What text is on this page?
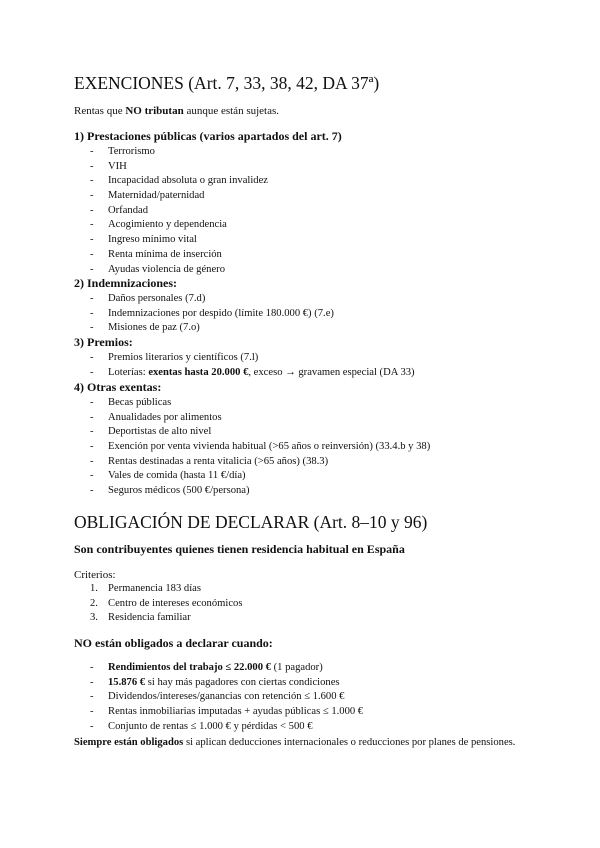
EXENCIONES (Art. 7, 33, 38, 42, DA 37ª)
Rentas que NO tributan aunque están sujetas.
1) Prestaciones públicas (varios apartados del art. 7)
- Terrorismo
- VIH
- Incapacidad absoluta o gran invalidez
- Maternidad/paternidad
- Orfandad
- Acogimiento y dependencia
- Ingreso mínimo vital
- Renta mínima de inserción
- Ayudas violencia de género
2) Indemnizaciones:
- Daños personales (7.d)
- Indemnizaciones por despido (límite 180.000 €) (7.e)
- Misiones de paz (7.o)
3) Premios:
- Premios literarios y científicos (7.l)
- Loterías: exentas hasta 20.000 €, exceso → gravamen especial (DA 33)
4) Otras exentas:
- Becas públicas
- Anualidades por alimentos
- Deportistas de alto nivel
- Exención por venta vivienda habitual (>65 años o reinversión) (33.4.b y 38)
- Rentas destinadas a renta vitalicia (>65 años) (38.3)
- Vales de comida (hasta 11 €/día)
- Seguros médicos (500 €/persona)
OBLIGACIÓN DE DECLARAR (Art. 8–10 y 96)
Son contribuyentes quienes tienen residencia habitual en España
Criterios:
1. Permanencia 183 días
2. Centro de intereses económicos
3. Residencia familiar
NO están obligados a declarar cuando:
- Rendimientos del trabajo ≤ 22.000 € (1 pagador)
- 15.876 € si hay más pagadores con ciertas condiciones
- Dividendos/intereses/ganancias con retención ≤ 1.600 €
- Rentas inmobiliarias imputadas + ayudas públicas ≤ 1.000 €
- Conjunto de rentas ≤ 1.000 € y pérdidas < 500 €
Siempre están obligados si aplican deducciones internacionales o reducciones por planes de pensiones.
